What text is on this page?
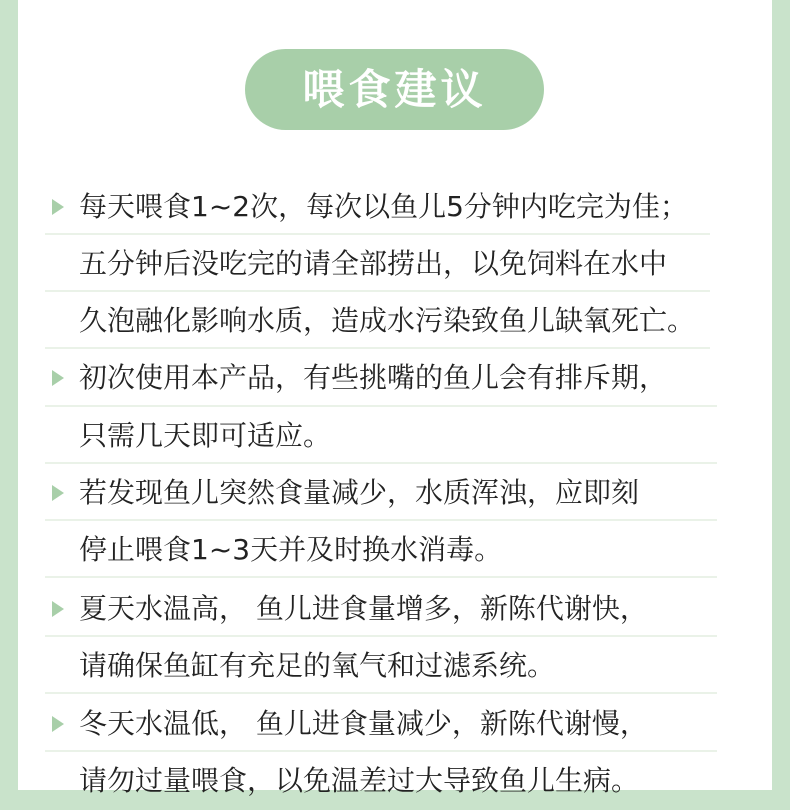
喂食建议
每天喂食1~2次，每次以鱼儿5分钟内吃完为佳；
五分钟后没吃完的请全部捞出，以免饲料在水中
久泡融化影响水质，造成水污染致鱼儿缺氧死亡。
初次使用本产品，有些挑嘴的鱼儿会有排斥期，
只需几天即可适应。
若发现鱼儿突然食量减少，水质浑浊，应即刻
停止喂食1~3天并及时换水消毒。
夏天水温高， 鱼儿进食量增多，新陈代谢快，
请确保鱼缸有充足的氧气和过滤系统。
冬天水温低， 鱼儿进食量减少，新陈代谢慢，
请勿过量喂食，以免温差过大导致鱼儿生病。
